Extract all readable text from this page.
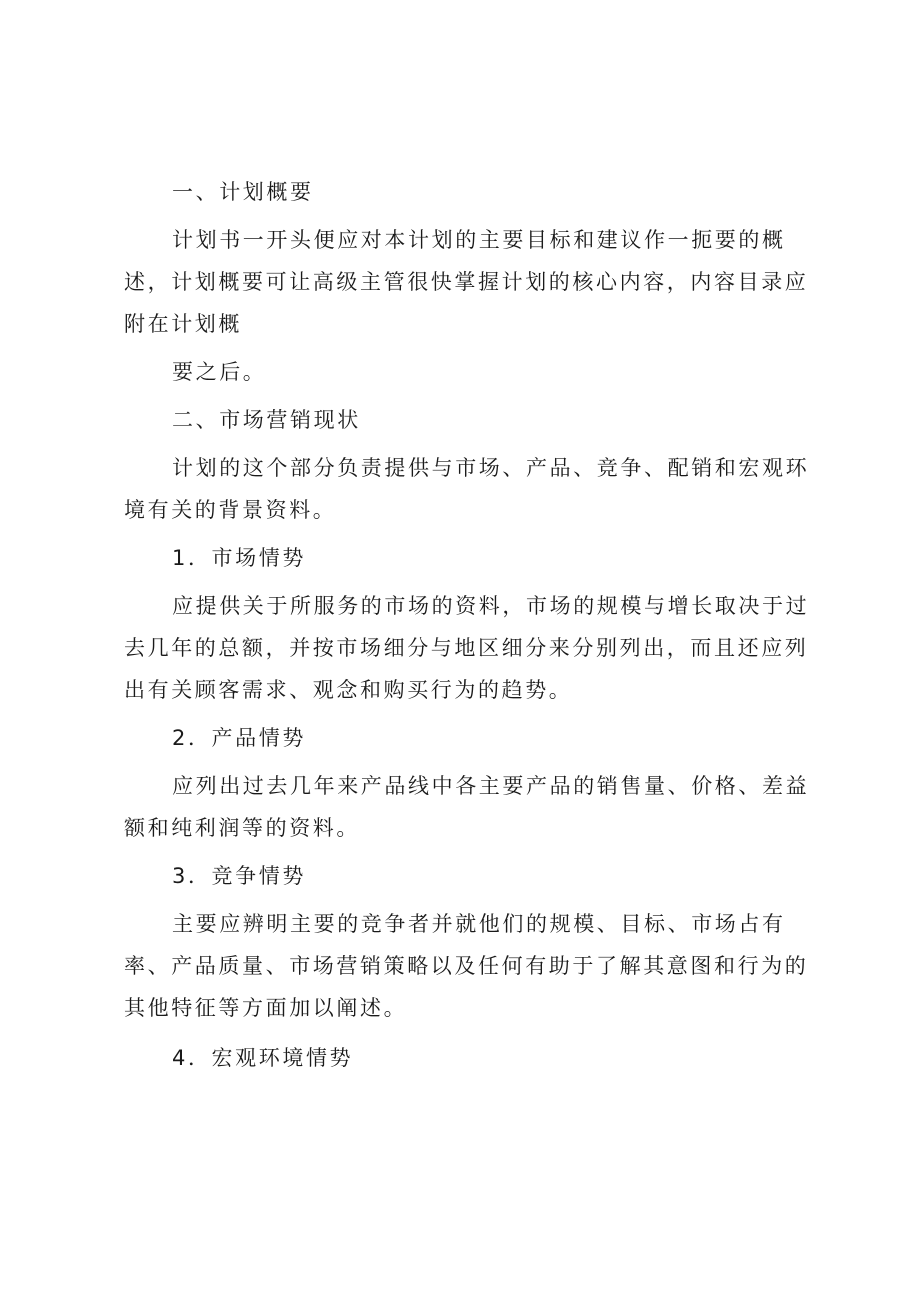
一、计划概要

计划书一开头便应对本计划的主要目标和建议作一扼要的概述，计划概要可让高级主管很快掌握计划的核心内容，内容目录应附在计划概

要之后。

二、市场营销现状

计划的这个部分负责提供与市场、产品、竞争、配销和宏观环境有关的背景资料。

1．市场情势

应提供关于所服务的市场的资料，市场的规模与增长取决于过去几年的总额，并按市场细分与地区细分来分别列出，而且还应列出有关顾客需求、观念和购买行为的趋势。

2．产品情势

应列出过去几年来产品线中各主要产品的销售量、价格、差益额和纯利润等的资料。

3．竞争情势

主要应辨明主要的竞争者并就他们的规模、目标、市场占有率、产品质量、市场营销策略以及任何有助于了解其意图和行为的其他特征等方面加以阐述。

4．宏观环境情势
